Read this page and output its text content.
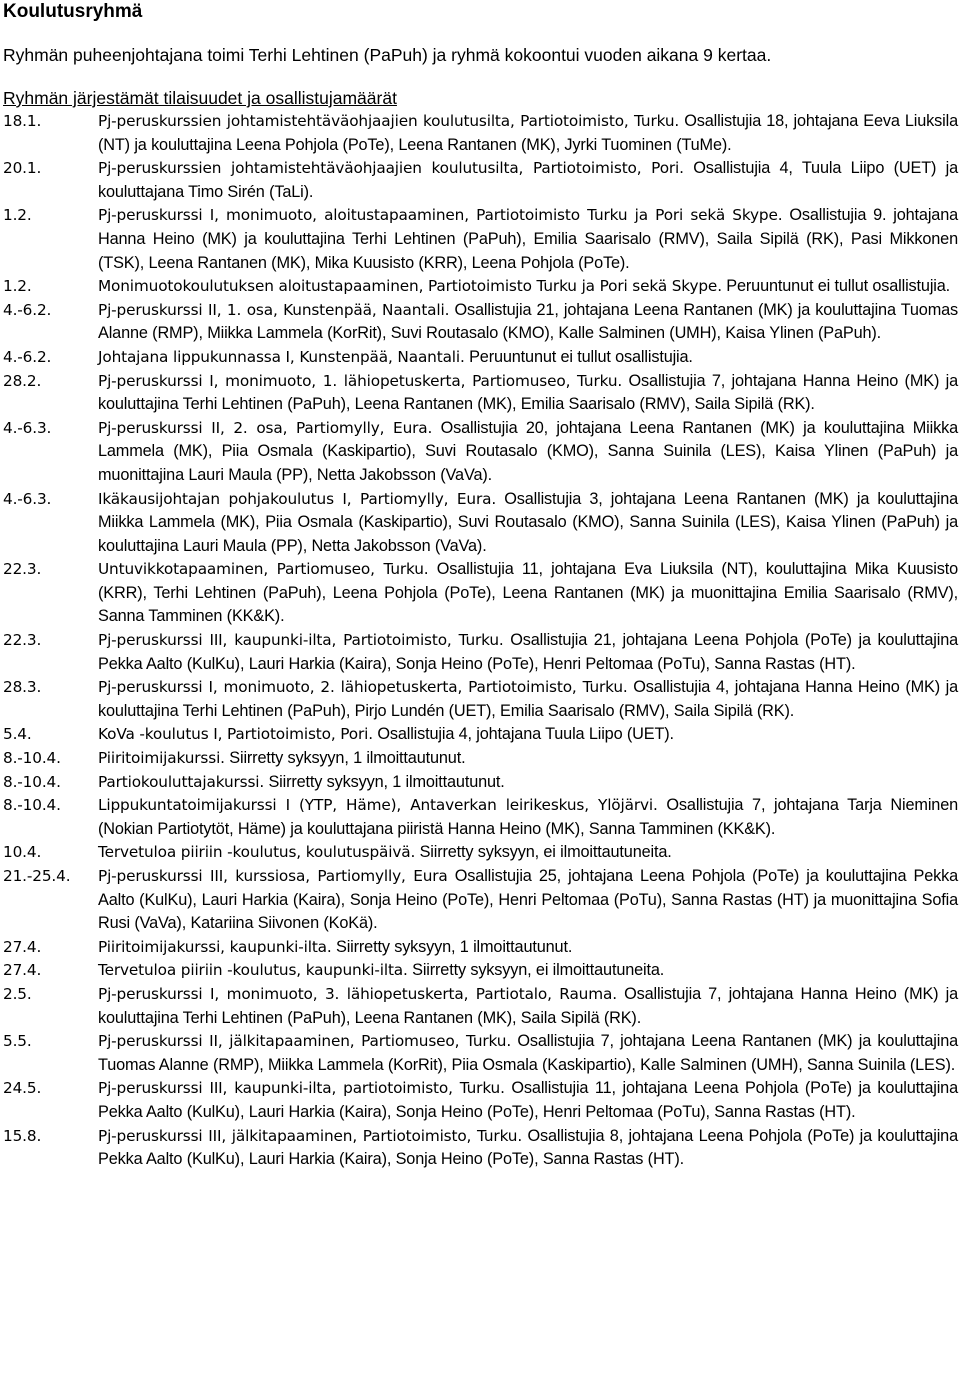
Koulutusryhmä

Ryhmän puheenjohtajana toimi Terhi Lehtinen (PaPuh) ja ryhmä kokoontui vuoden aikana 9 kertaa.

Ryhmän järjestämät tilaisuudet ja osallistujamäärät

18.1.	Pj-peruskurssien johtamistehtäväohjaajien koulutusilta, Partiotoimisto, Turku. Osallistujia 18, johtajana Eeva Liuksila (NT) ja kouluttajina Leena Pohjola (PoTe), Leena Rantanen (MK), Jyrki Tuominen (TuMe).
20.1.	Pj-peruskurssien johtamistehtäväohjaajien koulutusilta, Partiotoimisto, Pori. Osallistujia 4, Tuula Liipo (UET) ja kouluttajana Timo Sirén (TaLi).
1.2.	Pj-peruskurssi I, monimuoto, aloitustapaaminen, Partiotoimisto Turku ja Pori sekä Skype. Osallistujia 9. johtajana Hanna Heino (MK) ja kouluttajina Terhi Lehtinen (PaPuh), Emilia Saarisalo (RMV), Saila Sipilä (RK), Pasi Mikkonen (TSK), Leena Rantanen (MK), Mika Kuusisto (KRR), Leena Pohjola (PoTe).
1.2.	Monimuotokoulutuksen aloitustapaaminen, Partiotoimisto Turku ja Pori sekä Skype. Peruuntunut ei tullut osallistujia.
4.-6.2.	Pj-peruskurssi II, 1. osa, Kunstenpää, Naantali. Osallistujia 21, johtajana Leena Rantanen (MK) ja kouluttajina Tuomas Alanne (RMP), Miikka Lammela (KorRit), Suvi Routasalo (KMO), Kalle Salminen (UMH), Kaisa Ylinen (PaPuh).
4.-6.2.	Johtajana lippukunnassa I, Kunstenpää, Naantali. Peruuntunut ei tullut osallistujia.
28.2.	Pj-peruskurssi I, monimuoto, 1. lähiopetuskerta, Partiomuseo, Turku. Osallistujia 7, johtajana Hanna Heino (MK) ja kouluttajina Terhi Lehtinen (PaPuh), Leena Rantanen (MK), Emilia Saarisalo (RMV), Saila Sipilä (RK).
4.-6.3.	Pj-peruskurssi II, 2. osa, Partiomylly, Eura. Osallistujia 20, johtajana Leena Rantanen (MK) ja kouluttajina Miikka Lammela (MK), Piia Osmala (Kaskipartio), Suvi Routasalo (KMO), Sanna Suinila (LES), Kaisa Ylinen (PaPuh) ja muonittajina Lauri Maula (PP), Netta Jakobsson (VaVa).
4.-6.3.	Ikäkausijohtajan pohjakoulutus I, Partiomylly, Eura. Osallistujia 3, johtajana Leena Rantanen (MK) ja kouluttajina Miikka Lammela (MK), Piia Osmala (Kaskipartio), Suvi Routasalo (KMO), Sanna Suinila (LES), Kaisa Ylinen (PaPuh) ja kouluttajina Lauri Maula (PP), Netta Jakobsson (VaVa).
22.3.	Untuvikkotapaaminen, Partiomuseo, Turku. Osallistujia 11, johtajana Eva Liuksila (NT), kouluttajina Mika Kuusisto (KRR), Terhi Lehtinen (PaPuh), Leena Pohjola (PoTe), Leena Rantanen (MK) ja muonittajina Emilia Saarisalo (RMV), Sanna Tamminen (KK&K).
22.3.	Pj-peruskurssi III, kaupunki-ilta, Partiotoimisto, Turku. Osallistujia 21, johtajana Leena Pohjola (PoTe) ja kouluttajina Pekka Aalto (KulKu), Lauri Harkia (Kaira), Sonja Heino (PoTe), Henri Peltomaa (PoTu), Sanna Rastas (HT).
28.3.	Pj-peruskurssi I, monimuoto, 2. lähiopetuskerta, Partiotoimisto, Turku. Osallistujia 4, johtajana Hanna Heino (MK) ja kouluttajina Terhi Lehtinen (PaPuh), Pirjo Lundén (UET), Emilia Saarisalo (RMV), Saila Sipilä (RK).
5.4.	KoVa -koulutus I, Partiotoimisto, Pori. Osallistujia 4, johtajana Tuula Liipo (UET).
8.-10.4.	Piiritoimijakurssi. Siirretty syksyyn, 1 ilmoittautunut.
8.-10.4.	Partiokouluttajakurssi. Siirretty syksyyn, 1 ilmoittautunut.
8.-10.4.	Lippukuntatoimijakurssi I (YTP, Häme), Antaverkan leirikeskus, Ylöjärvi. Osallistujia 7, johtajana Tarja Nieminen (Nokian Partiotytöt, Häme) ja kouluttajana piiristä Hanna Heino (MK), Sanna Tamminen (KK&K).
10.4.	Tervetuloa piiriin -koulutus, koulutuspäivä. Siirretty syksyyn, ei ilmoittautuneita.
21.-25.4.	Pj-peruskurssi III, kurssiosa, Partiomylly, Eura Osallistujia 25, johtajana Leena Pohjola (PoTe) ja kouluttajina Pekka Aalto (KulKu), Lauri Harkia (Kaira), Sonja Heino (PoTe), Henri Peltomaa (PoTu), Sanna Rastas (HT) ja muonittajina Sofia Rusi (VaVa), Katariina Siivonen (KoKä).
27.4.	Piiritoimijakurssi, kaupunki-ilta. Siirretty syksyyn, 1 ilmoittautunut.
27.4.	Tervetuloa piiriin -koulutus, kaupunki-ilta. Siirretty syksyyn, ei ilmoittautuneita.
2.5.	Pj-peruskurssi I, monimuoto, 3. lähiopetuskerta, Partiotalo, Rauma. Osallistujia 7, johtajana Hanna Heino (MK) ja kouluttajina Terhi Lehtinen (PaPuh), Leena Rantanen (MK), Saila Sipilä (RK).
5.5.	Pj-peruskurssi II, jälkitapaaminen, Partiomuseo, Turku. Osallistujia 7, johtajana Leena Rantanen (MK) ja kouluttajina Tuomas Alanne (RMP), Miikka Lammela (KorRit), Piia Osmala (Kaskipartio), Kalle Salminen (UMH), Sanna Suinila (LES).
24.5.	Pj-peruskurssi III, kaupunki-ilta, partiotoimisto, Turku. Osallistujia 11, johtajana Leena Pohjola (PoTe) ja kouluttajina Pekka Aalto (KulKu), Lauri Harkia (Kaira), Sonja Heino (PoTe), Henri Peltomaa (PoTu), Sanna Rastas (HT).
15.8.	Pj-peruskurssi III, jälkitapaaminen, Partiotoimisto, Turku. Osallistujia 8, johtajana Leena Pohjola (PoTe) ja kouluttajina Pekka Aalto (KulKu), Lauri Harkia (Kaira), Sonja Heino (PoTe), Sanna Rastas (HT).
